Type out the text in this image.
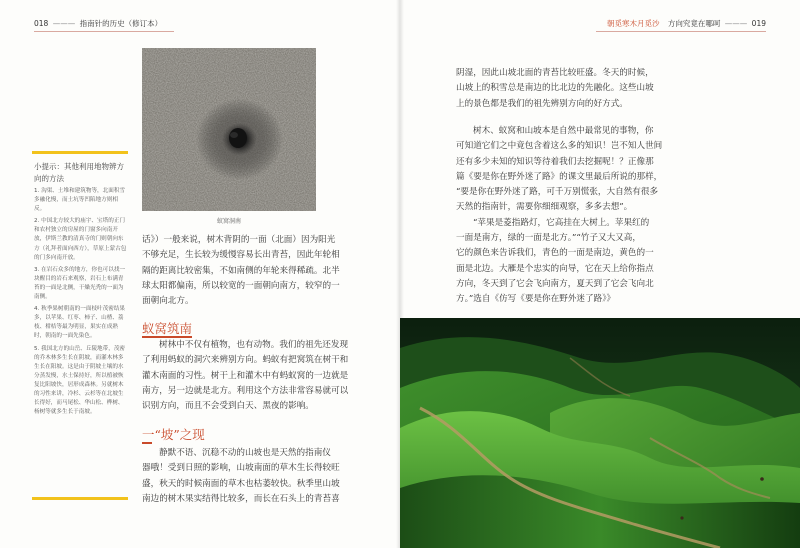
018 ——— 指南针的历史（修订本）	朝觅寒木月觅沙 方向究竟在哪呵 ——— 019
小提示：其他利用地物辨方向的方法

1. 沟渠、土堆和建筑物等，北面积雪多融化慢，而土坑等凹陷地方则相反。

2. 中国北方较大的庙宇、宝塔的正门和农村独立的房屋的门窗多向南开放，伊斯兰教的清真寺的门则朝向东方（礼拜者面向西方），草原上蒙古包的门多向南开放。

3. 在岩石众多的地方，你也可以找一块醒目的岩石来观察，岩石上布满青苔的一面是北侧，干燥光秃的一面为南侧。

4. 秋季果树朝南的一面枝叶茂密结果多，以苹果、红枣、柿子、山楂、荔枝、柑桔等最为明显，果实在成熟时，朝南的一面先染色。

5. 我国北方的山岳、丘陵地带，茂密的乔木林多生长在阴坡，而灌木林多生长在阳坡。这是由于阴坡土壤的水分蒸发慢，水土保持好，所以植被恢复比阳坡快，居形成森林。另就树木的习性来讲，冷杉、云杉等在北坡生长得好，而马尾松、华山松、桦树、杨树等就多生长于南坡。

蚁窝洞南
话》）一般来说，树木背阴的一面（北面）因为阳光
不够充足，生长较为缓慢容易长出青苔，因此年轮相
隔的距离比较密集，不如南侧的年轮来得稀疏。北半
球太阳都偏南，所以较宽的一面朝向南方，较窄的一
面朝向北方。
蚁窝筑南
树林中不仅有植物，也有动物。我们的祖先还发现
了利用蚂蚁的洞穴来辨别方向。蚂蚁有把窝筑在树干和
灌木南面的习性。树干上和灌木中有蚂蚁窝的一边就是
南方，另一边就是北方。利用这个方法非常容易就可以
识别方向，而且不会受到白天、黑夜的影响。
一“坡”之现
静默不语、沉稳不动的山坡也是天然的指南仪
器哦！受到日照的影响，山坡南面的草木生长得较旺
盛，秋天的时候南面的草木也枯萎较快。秋季里山坡
南边的树木果实结得比较多，而长在石头上的青苔喜
阴湿，因此山坡北面的青苔比较旺盛。冬天的时候，
山坡上的积雪总是南边的比北边的先融化。这些山坡
上的景色都是我们的祖先辨别方向的好方式。
树木、蚁窝和山坡本是自然中最常见的事物，你
可知道它们之中竟包含着这么多的知识！岂不知人世间
还有多少未知的知识等待着我们去挖掘呢！？正像那
篇《要是你在野外迷了路》的课文里最后所说的那样，
“要是你在野外迷了路，可千万别慌张，大自然有很多
天然的指南针，需要你细细观察，多多去想”。
“苹果是菱指路灯，它高挂在大树上。苹果红的
一面是南方，绿的一面是北方。”“竹子又大又高，
它的颜色来告诉我们，青色的一面是南边，黄色的一
面是北边。大雁是个忠实的向导，它在天上给你指点
方向，冬天到了它会飞向南方，夏天到了它会飞向北
方。”选自《仿写《要是你在野外迷了路》》
